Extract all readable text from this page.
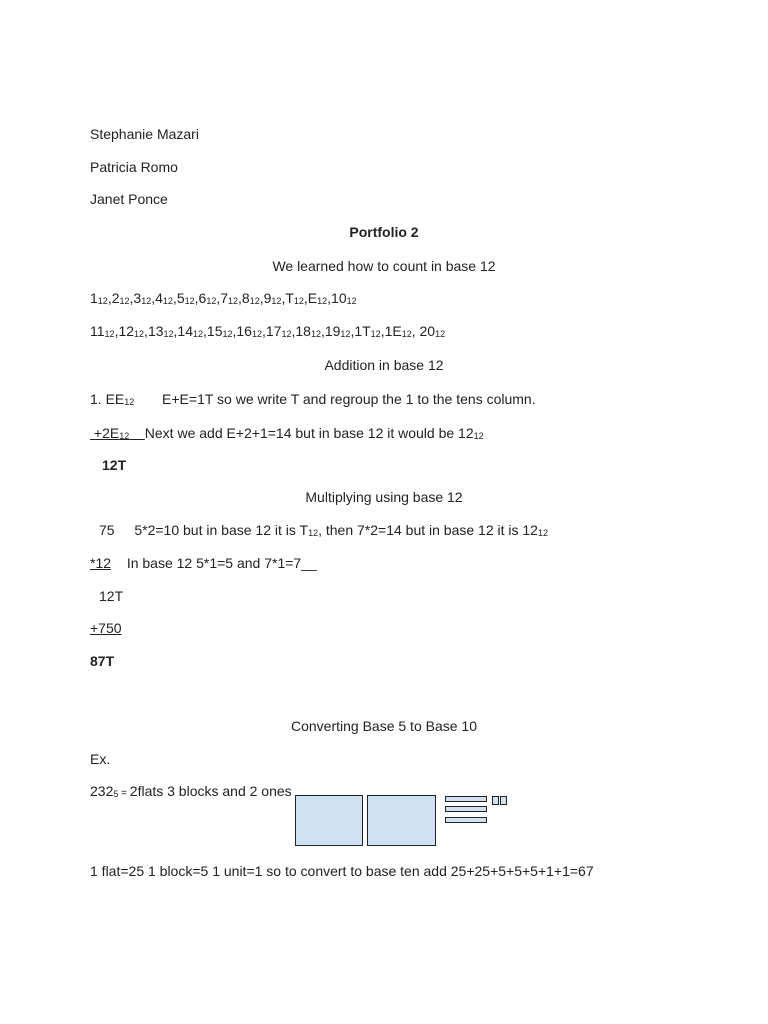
Stephanie Mazari
Patricia Romo
Janet Ponce
Portfolio 2
We learned how to count in base 12
$1_{12},2_{12},3_{12},4_{12},5_{12},6_{12},7_{12},8_{12},9_{12},T_{12},E_{12},10_{12}$
$11_{12},12_{12},13_{12},14_{12},15_{12},16_{12},17_{12},18_{12},19_{12},1T_{12},1E_{12}$, $20_{12}$
Addition in base 12
1. $EE_{12}$ E+E=1T so we write T and regroup the 1 to the tens column.
$+2E_{12}$ Next we add E+2+1=14 but in base 12 it would be $12_{12}$
12T
Multiplying using base 12
75 5*2=10 but in base 12 it is $T_{12}$, then 7*2=14 but in base 12 it is $12_{12}$
*12 In base 12 5*1=5 and 7*1=7__
12T
+750
87T
Converting Base 5 to Base 10
Ex.
$232_5$ = 2flats 3 blocks and 2 ones
1 flat=25 1 block=5 1 unit=1 so to convert to base ten add 25+25+5+5+5+1+1=67
